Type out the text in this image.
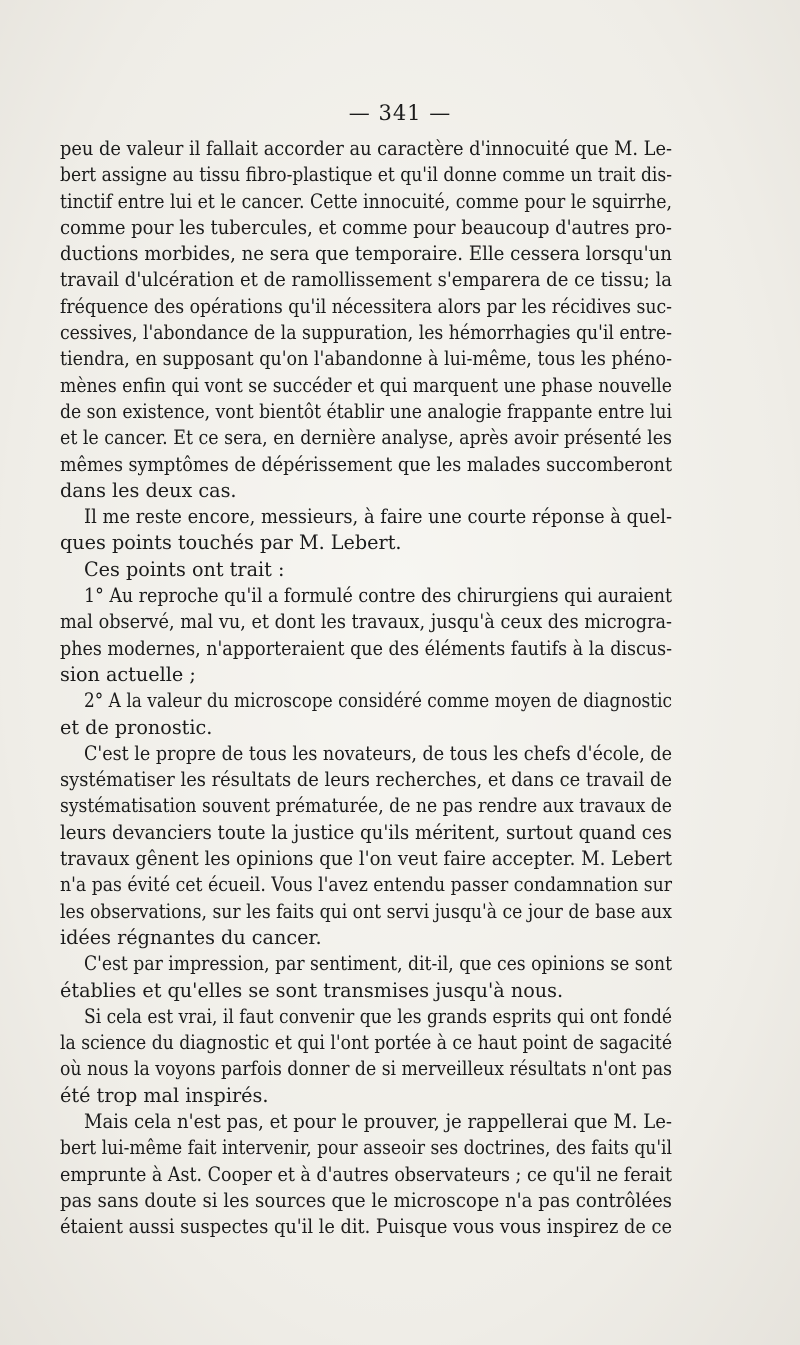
— 341 —
peu de valeur il fallait accorder au caractère d'innocuité que M. Le-
bert assigne au tissu fibro-plastique et qu'il donne comme un trait dis-
tinctif entre lui et le cancer. Cette innocuité, comme pour le squirrhe,
comme pour les tubercules, et comme pour beaucoup d'autres pro-
ductions morbides, ne sera que temporaire. Elle cessera lorsqu'un
travail d'ulcération et de ramollissement s'emparera de ce tissu; la
fréquence des opérations qu'il nécessitera alors par les récidives suc-
cessives, l'abondance de la suppuration, les hémorrhagies qu'il entre-
tiendra, en supposant qu'on l'abandonne à lui-même, tous les phéno-
mènes enfin qui vont se succéder et qui marquent une phase nouvelle
de son existence, vont bientôt établir une analogie frappante entre lui
et le cancer. Et ce sera, en dernière analyse, après avoir présenté les
mêmes symptômes de dépérissement que les malades succomberont
dans les deux cas.
Il me reste encore, messieurs, à faire une courte réponse à quel-
ques points touchés par M. Lebert.
Ces points ont trait :
1° Au reproche qu'il a formulé contre des chirurgiens qui auraient
mal observé, mal vu, et dont les travaux, jusqu'à ceux des microgra-
phes modernes, n'apporteraient que des éléments fautifs à la discus-
sion actuelle ;
2° A la valeur du microscope considéré comme moyen de diagnostic
et de pronostic.
C'est le propre de tous les novateurs, de tous les chefs d'école, de
systématiser les résultats de leurs recherches, et dans ce travail de
systématisation souvent prématurée, de ne pas rendre aux travaux de
leurs devanciers toute la justice qu'ils méritent, surtout quand ces
travaux gênent les opinions que l'on veut faire accepter. M. Lebert
n'a pas évité cet écueil. Vous l'avez entendu passer condamnation sur
les observations, sur les faits qui ont servi jusqu'à ce jour de base aux
idées régnantes du cancer.
C'est par impression, par sentiment, dit-il, que ces opinions se sont
établies et qu'elles se sont transmises jusqu'à nous.
Si cela est vrai, il faut convenir que les grands esprits qui ont fondé
la science du diagnostic et qui l'ont portée à ce haut point de sagacité
où nous la voyons parfois donner de si merveilleux résultats n'ont pas
été trop mal inspirés.
Mais cela n'est pas, et pour le prouver, je rappellerai que M. Le-
bert lui-même fait intervenir, pour asseoir ses doctrines, des faits qu'il
emprunte à Ast. Cooper et à d'autres observateurs ; ce qu'il ne ferait
pas sans doute si les sources que le microscope n'a pas contrôlées
étaient aussi suspectes qu'il le dit. Puisque vous vous inspirez de ce
